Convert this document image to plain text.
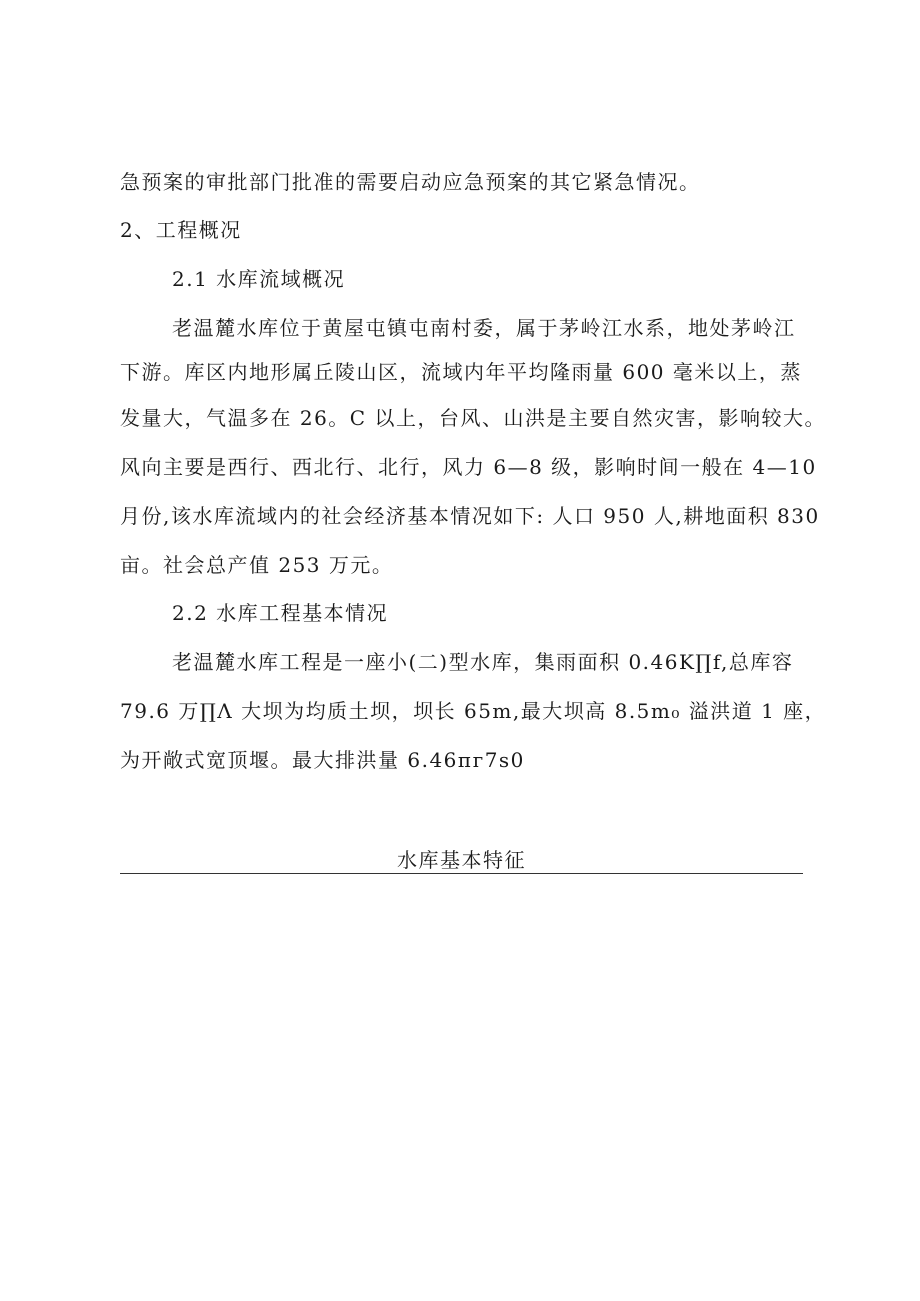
急预案的审批部门批准的需要启动应急预案的其它紧急情况。
2、工程概况
2.1 水库流域概况
老温麓水库位于黄屋屯镇屯南村委，属于茅岭江水系，地处茅岭江
下游。库区内地形属丘陵山区，流域内年平均隆雨量 600 毫米以上，蒸
发量大，气温多在 26。C 以上，台风、山洪是主要自然灾害，影响较大。
风向主要是西行、西北行、北行，风力 6—8 级，影响时间一般在 4—10
月份,该水库流域内的社会经济基本情况如下: 人口 950 人,耕地面积 830
亩。社会总产值 253 万元。
2.2 水库工程基本情况
老温麓水库工程是一座小(二)型水库，集雨面积 0.46K∏f,总库容
79.6 万∏Λ 大坝为均质土坝，坝长 65m,最大坝高 8.5m₀ 溢洪道 1 座，
为开敞式宽顶堰。最大排洪量 6.46пг7s0
水库基本特征
